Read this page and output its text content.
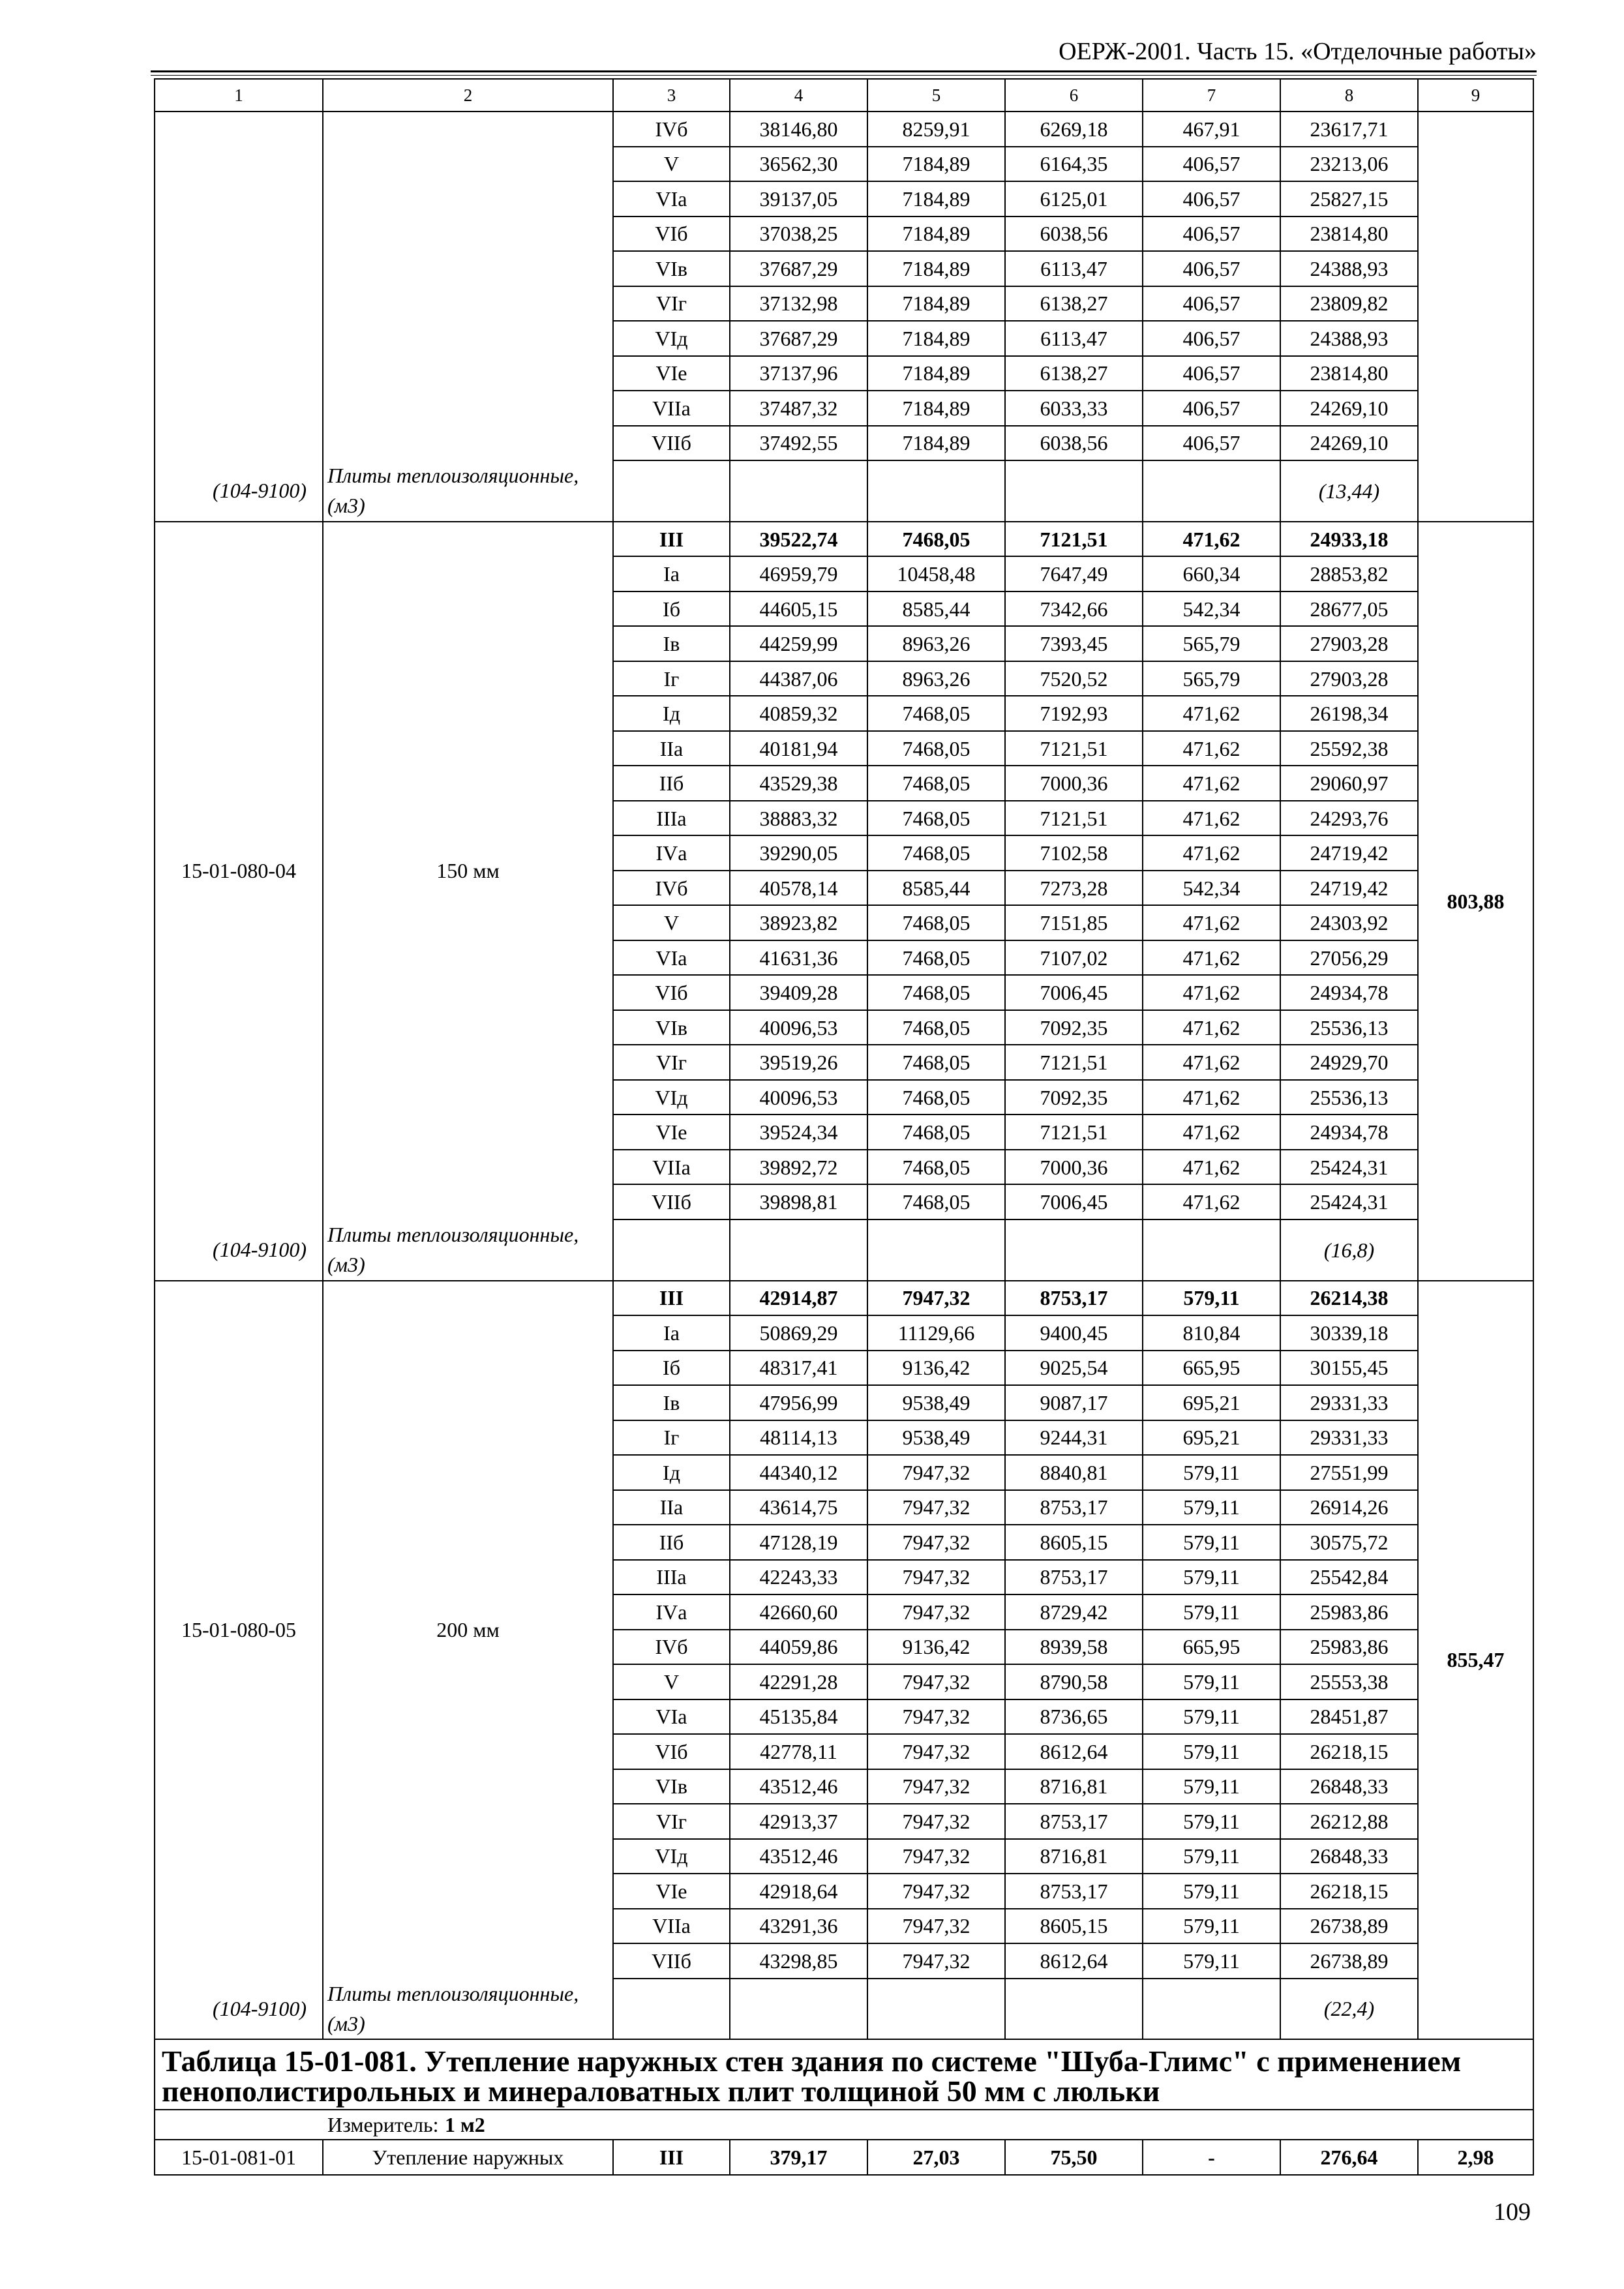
ОЕРЖ-2001. Часть 15. «Отделочные работы»
1	2	3	4	5	6	7	8	9
		IVб	38146,80	8259,91	6269,18	467,91	23617,71	
		V	36562,30	7184,89	6164,35	406,57	23213,06	
		VIа	39137,05	7184,89	6125,01	406,57	25827,15	
		VIб	37038,25	7184,89	6038,56	406,57	23814,80	
		VIв	37687,29	7184,89	6113,47	406,57	24388,93	
		VIг	37132,98	7184,89	6138,27	406,57	23809,82	
		VIд	37687,29	7184,89	6113,47	406,57	24388,93	
		VIе	37137,96	7184,89	6138,27	406,57	23814,80	
		VIIа	37487,32	7184,89	6033,33	406,57	24269,10	
		VIIб	37492,55	7184,89	6038,56	406,57	24269,10	

(104-9100)	Плиты теплоизоляционные, (м3)						(13,44)	

15-01-080-04	150 мм	III	39522,74	7468,05	7121,51	471,62	24933,18	803,88
		Iа	46959,79	10458,48	7647,49	660,34	28853,82	
		Iб	44605,15	8585,44	7342,66	542,34	28677,05	
		Iв	44259,99	8963,26	7393,45	565,79	27903,28	
		Iг	44387,06	8963,26	7520,52	565,79	27903,28	
		Iд	40859,32	7468,05	7192,93	471,62	26198,34	
		IIа	40181,94	7468,05	7121,51	471,62	25592,38	
		IIб	43529,38	7468,05	7000,36	471,62	29060,97	
		IIIа	38883,32	7468,05	7121,51	471,62	24293,76	
		IVа	39290,05	7468,05	7102,58	471,62	24719,42	
		IVб	40578,14	8585,44	7273,28	542,34	24719,42	
		V	38923,82	7468,05	7151,85	471,62	24303,92	
		VIа	41631,36	7468,05	7107,02	471,62	27056,29	
		VIб	39409,28	7468,05	7006,45	471,62	24934,78	
		VIв	40096,53	7468,05	7092,35	471,62	25536,13	
		VIг	39519,26	7468,05	7121,51	471,62	24929,70	
		VIд	40096,53	7468,05	7092,35	471,62	25536,13	
		VIе	39524,34	7468,05	7121,51	471,62	24934,78	
		VIIа	39892,72	7468,05	7000,36	471,62	25424,31	
		VIIб	39898,81	7468,05	7006,45	471,62	25424,31	

(104-9100)	Плиты теплоизоляционные, (м3)						(16,8)	

15-01-080-05	200 мм	III	42914,87	7947,32	8753,17	579,11	26214,38	855,47
		Iа	50869,29	11129,66	9400,45	810,84	30339,18	
		Iб	48317,41	9136,42	9025,54	665,95	30155,45	
		Iв	47956,99	9538,49	9087,17	695,21	29331,33	
		Iг	48114,13	9538,49	9244,31	695,21	29331,33	
		Iд	44340,12	7947,32	8840,81	579,11	27551,99	
		IIа	43614,75	7947,32	8753,17	579,11	26914,26	
		IIб	47128,19	7947,32	8605,15	579,11	30575,72	
		IIIа	42243,33	7947,32	8753,17	579,11	25542,84	
		IVа	42660,60	7947,32	8729,42	579,11	25983,86	
		IVб	44059,86	9136,42	8939,58	665,95	25983,86	
		V	42291,28	7947,32	8790,58	579,11	25553,38	
		VIа	45135,84	7947,32	8736,65	579,11	28451,87	
		VIб	42778,11	7947,32	8612,64	579,11	26218,15	
		VIв	43512,46	7947,32	8716,81	579,11	26848,33	
		VIг	42913,37	7947,32	8753,17	579,11	26212,88	
		VIд	43512,46	7947,32	8716,81	579,11	26848,33	
		VIе	42918,64	7947,32	8753,17	579,11	26218,15	
		VIIа	43291,36	7947,32	8605,15	579,11	26738,89	
		VIIб	43298,85	7947,32	8612,64	579,11	26738,89	

(104-9100)	Плиты теплоизоляционные, (м3)						(22,4)	

Таблица 15-01-081. Утепление наружных стен здания по системе "Шуба-Глимс" с применением пенополистирольных и минераловатных плит толщиной 50 мм с люльки								
Измеритель: 1 м2								
15-01-081-01	Утепление наружных	III	379,17	27,03	75,50	-	276,64	2,98
109
